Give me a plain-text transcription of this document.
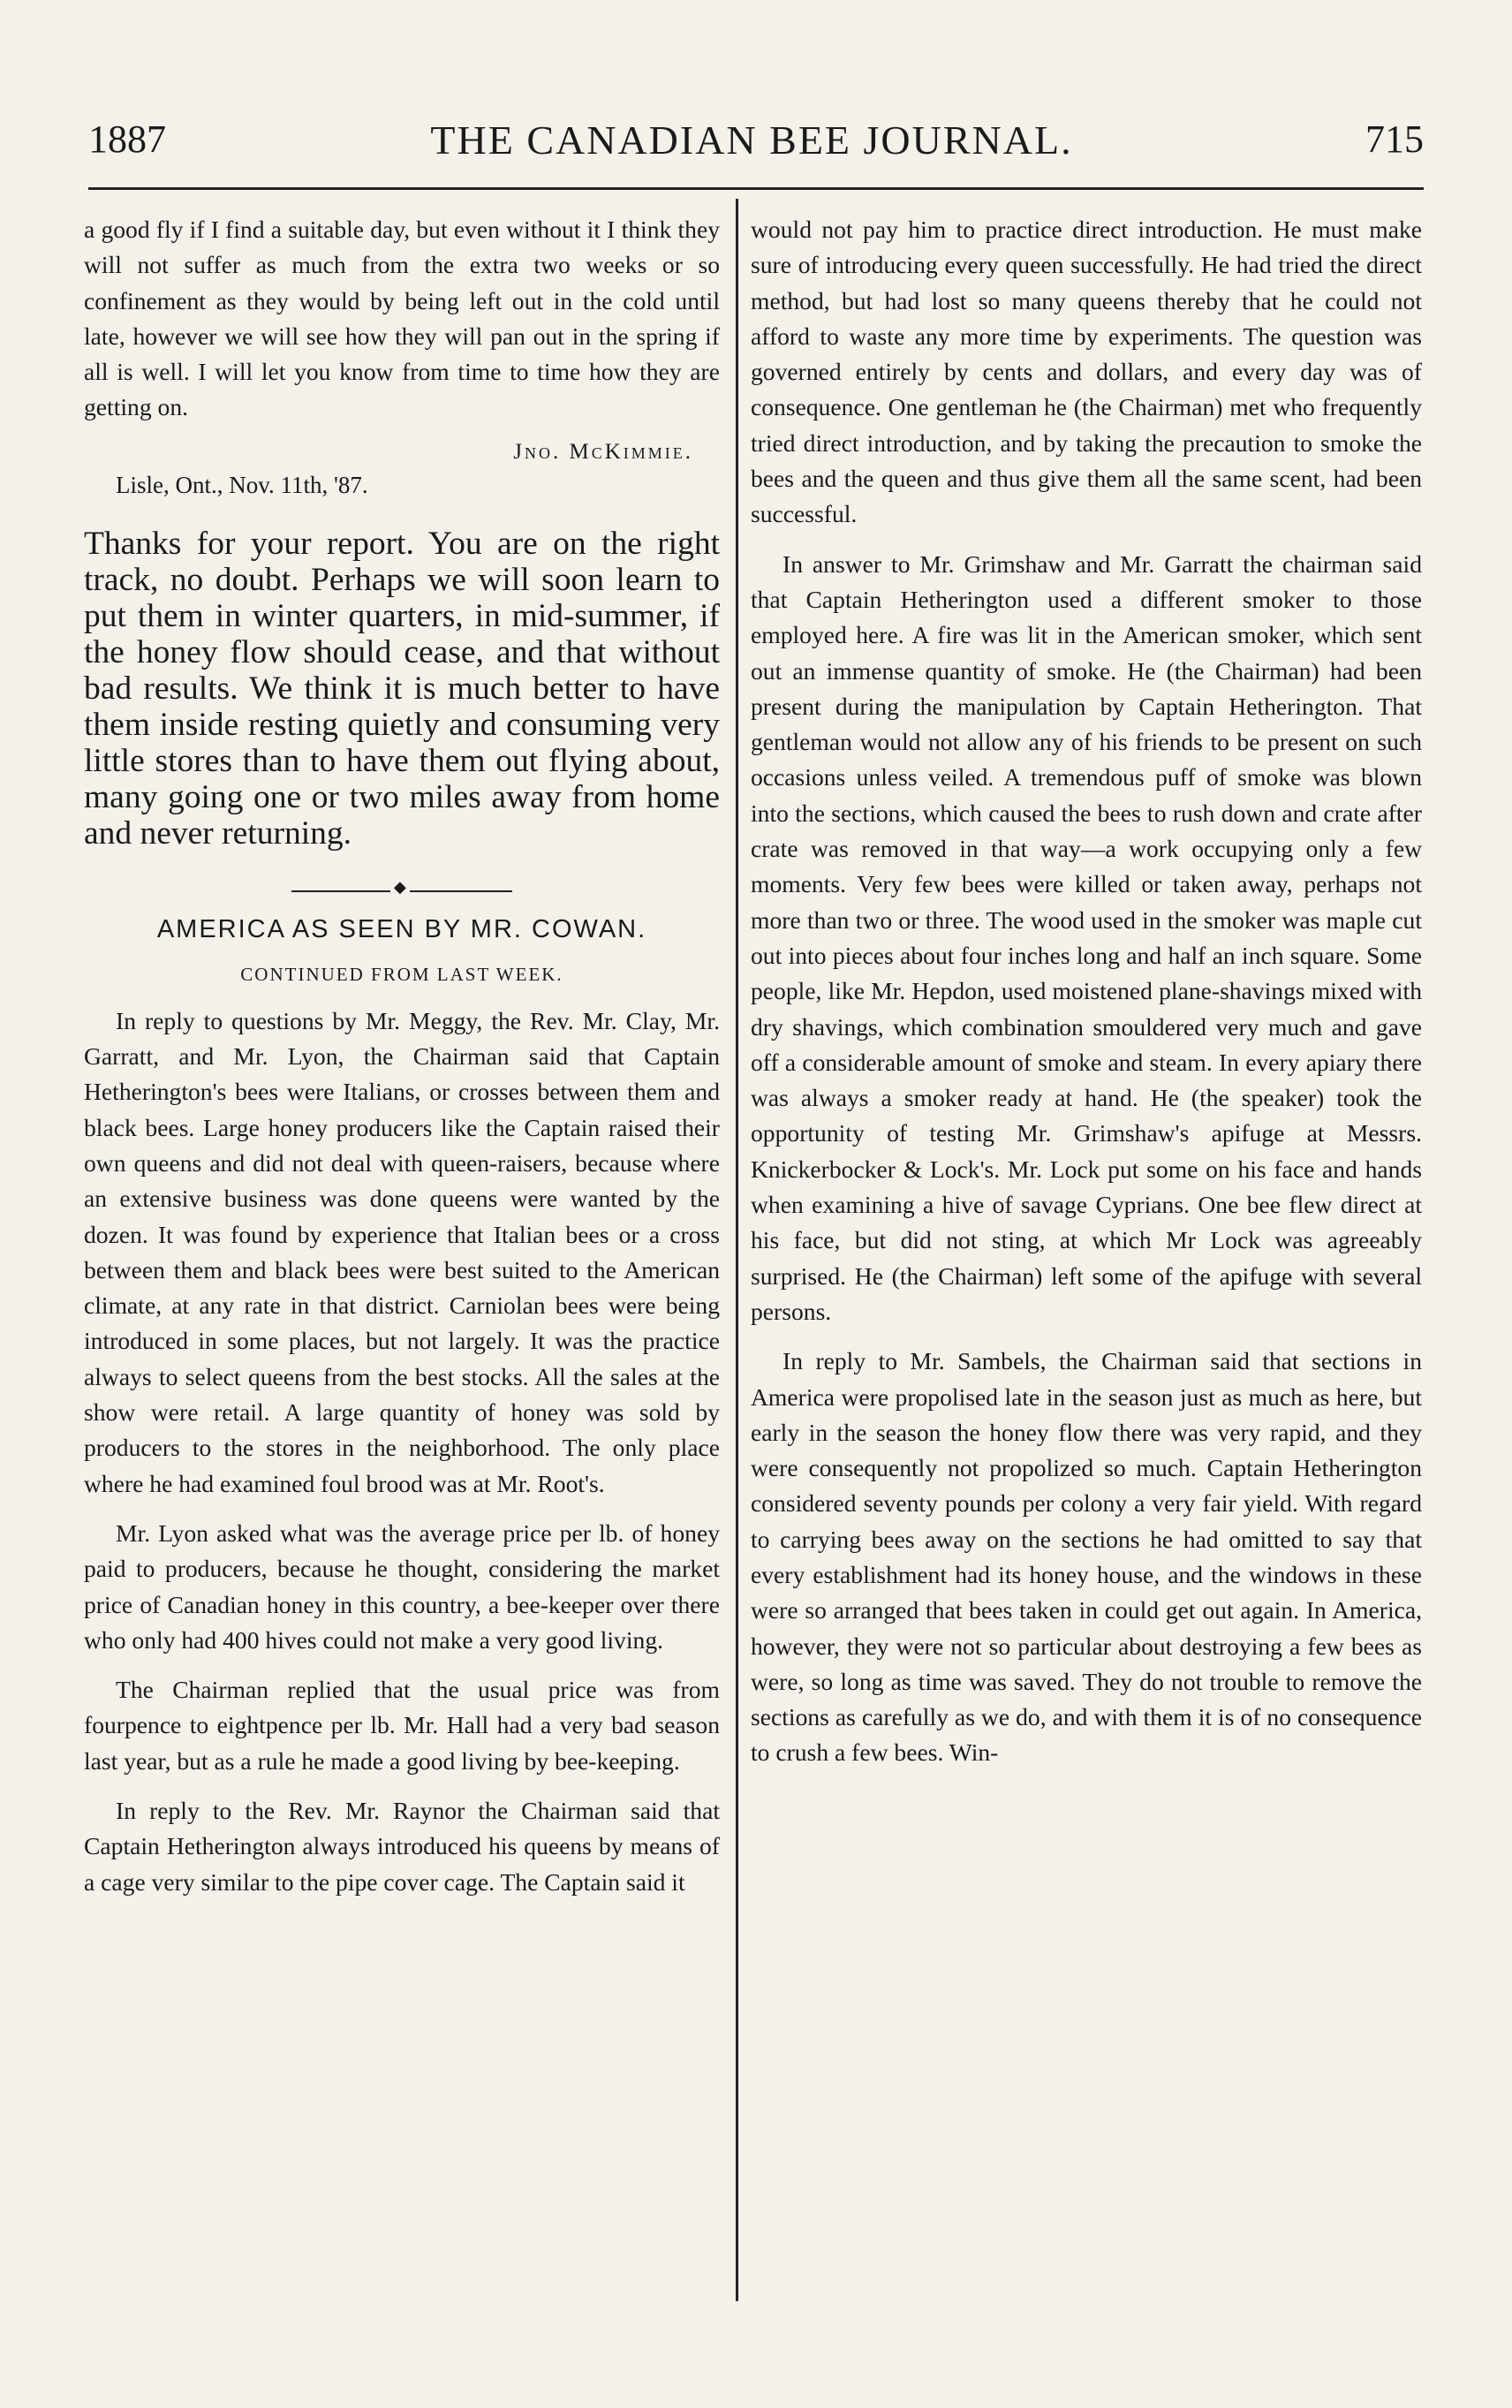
1887	THE CANADIAN BEE JOURNAL.	715

a good fly if I find a suitable day, but even without it I think they will not suffer as much from the extra two weeks or so confinement as they would by being left out in the cold until late, however we will see how they will pan out in the spring if all is well. I will let you know from time to time how they are getting on.

Jno. McKimmie.
Lisle, Ont., Nov. 11th, '87.

Thanks for your report. You are on the right track, no doubt. Perhaps we will soon learn to put them in winter quarters, in mid-summer, if the honey flow should cease, and that without bad results. We think it is much better to have them inside resting quietly and consuming very little stores than to have them out flying about, many going one or two miles away from home and never returning.

◆
AMERICA AS SEEN BY MR. COWAN.
CONTINUED FROM LAST WEEK.

In reply to questions by Mr. Meggy, the Rev. Mr. Clay, Mr. Garratt, and Mr. Lyon, the Chairman said that Captain Hetherington's bees were Italians, or crosses between them and black bees. Large honey producers like the Captain raised their own queens and did not deal with queen-raisers, because where an extensive business was done queens were wanted by the dozen. It was found by experience that Italian bees or a cross between them and black bees were best suited to the American climate, at any rate in that district. Carniolan bees were being introduced in some places, but not largely. It was the practice always to select queens from the best stocks. All the sales at the show were retail. A large quantity of honey was sold by producers to the stores in the neighborhood. The only place where he had examined foul brood was at Mr. Root's.

Mr. Lyon asked what was the average price per lb. of honey paid to producers, because he thought, considering the market price of Canadian honey in this country, a bee-keeper over there who only had 400 hives could not make a very good living.

The Chairman replied that the usual price was from fourpence to eightpence per lb. Mr. Hall had a very bad season last year, but as a rule he made a good living by bee-keeping.

In reply to the Rev. Mr. Raynor the Chairman said that Captain Hetherington always introduced his queens by means of a cage very similar to the pipe cover cage. The Captain said it

would not pay him to practice direct introduction. He must make sure of introducing every queen successfully. He had tried the direct method, but had lost so many queens thereby that he could not afford to waste any more time by experiments. The question was governed entirely by cents and dollars, and every day was of consequence. One gentleman he (the Chairman) met who frequently tried direct introduction, and by taking the precaution to smoke the bees and the queen and thus give them all the same scent, had been successful.

In answer to Mr. Grimshaw and Mr. Garratt the chairman said that Captain Hetherington used a different smoker to those employed here. A fire was lit in the American smoker, which sent out an immense quantity of smoke. He (the Chairman) had been present during the manipulation by Captain Hetherington. That gentleman would not allow any of his friends to be present on such occasions unless veiled. A tremendous puff of smoke was blown into the sections, which caused the bees to rush down and crate after crate was removed in that way—a work occupying only a few moments. Very few bees were killed or taken away, perhaps not more than two or three. The wood used in the smoker was maple cut out into pieces about four inches long and half an inch square. Some people, like Mr. Hepdon, used moistened plane-shavings mixed with dry shavings, which combination smouldered very much and gave off a considerable amount of smoke and steam. In every apiary there was always a smoker ready at hand. He (the speaker) took the opportunity of testing Mr. Grimshaw's apifuge at Messrs. Knickerbocker & Lock's. Mr. Lock put some on his face and hands when examining a hive of savage Cyprians. One bee flew direct at his face, but did not sting, at which Mr Lock was agreeably surprised. He (the Chairman) left some of the apifuge with several persons.

In reply to Mr. Sambels, the Chairman said that sections in America were propolised late in the season just as much as here, but early in the season the honey flow there was very rapid, and they were consequently not propolized so much. Captain Hetherington considered seventy pounds per colony a very fair yield. With regard to carrying bees away on the sections he had omitted to say that every establishment had its honey house, and the windows in these were so arranged that bees taken in could get out again. In America, however, they were not so particular about destroying a few bees as were, so long as time was saved. They do not trouble to remove the sections as carefully as we do, and with them it is of no consequence to crush a few bees. Win-
